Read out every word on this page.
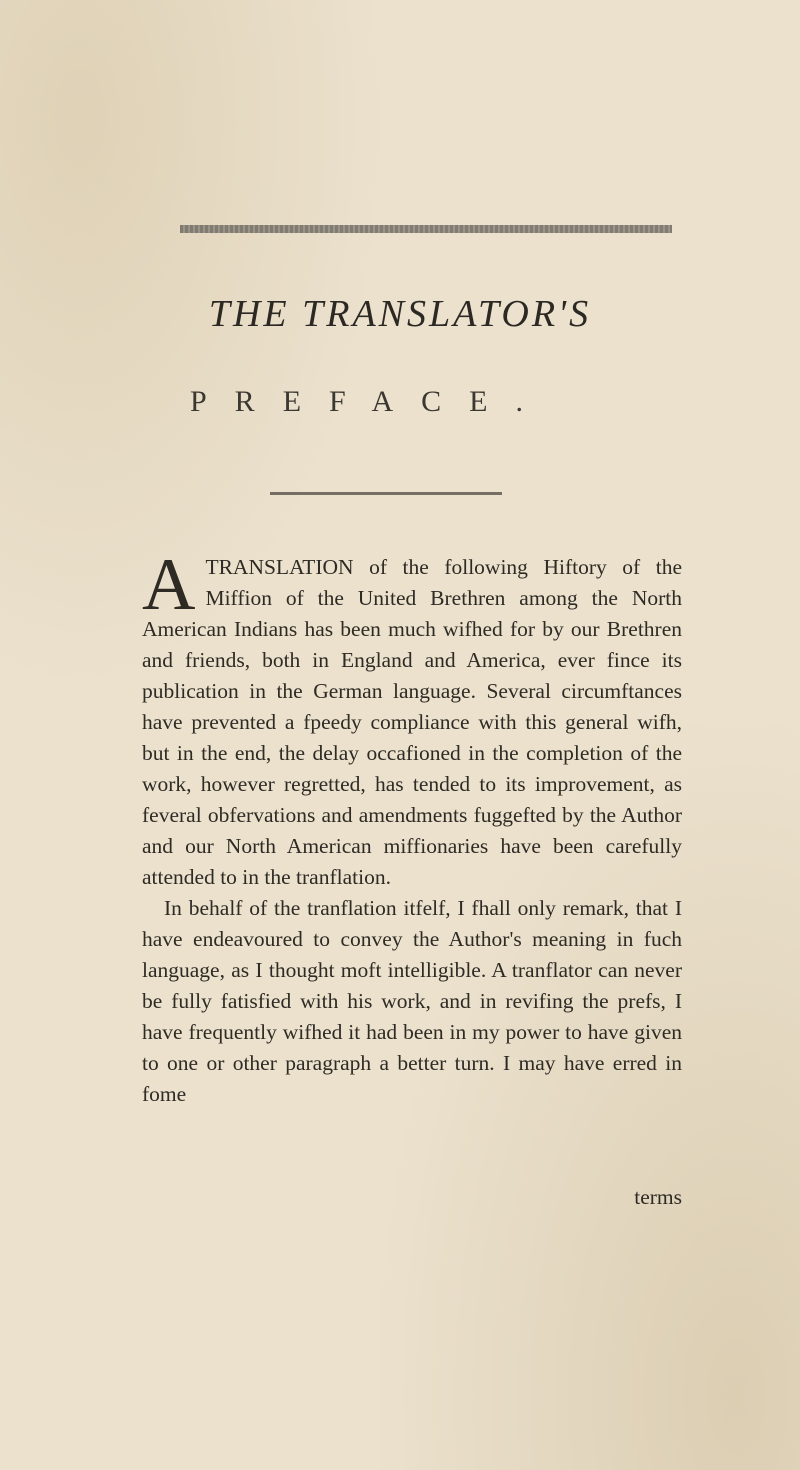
THE TRANSLATOR'S
PREFACE.

ATRANSLATION of the following Hiftory of the Miffion of the United Brethren among the North American Indians has been much wifhed for by our Brethren and friends, both in England and America, ever fince its publication in the German language. Several circumftances have prevented a fpeedy compliance with this general wifh, but in the end, the delay occafioned in the completion of the work, however regretted, has tended to its improvement, as feveral obfervations and amendments fuggefted by the Author and our North American miffionaries have been carefully attended to in the tranflation.

In behalf of the tranflation itfelf, I fhall only remark, that I have endeavoured to convey the Author's meaning in fuch language, as I thought moft intelligible. A tranflator can never be fully fatisfied with his work, and in revifing the prefs, I have frequently wifhed it had been in my power to have given to one or other paragraph a better turn. I may have erred in fome

terms
